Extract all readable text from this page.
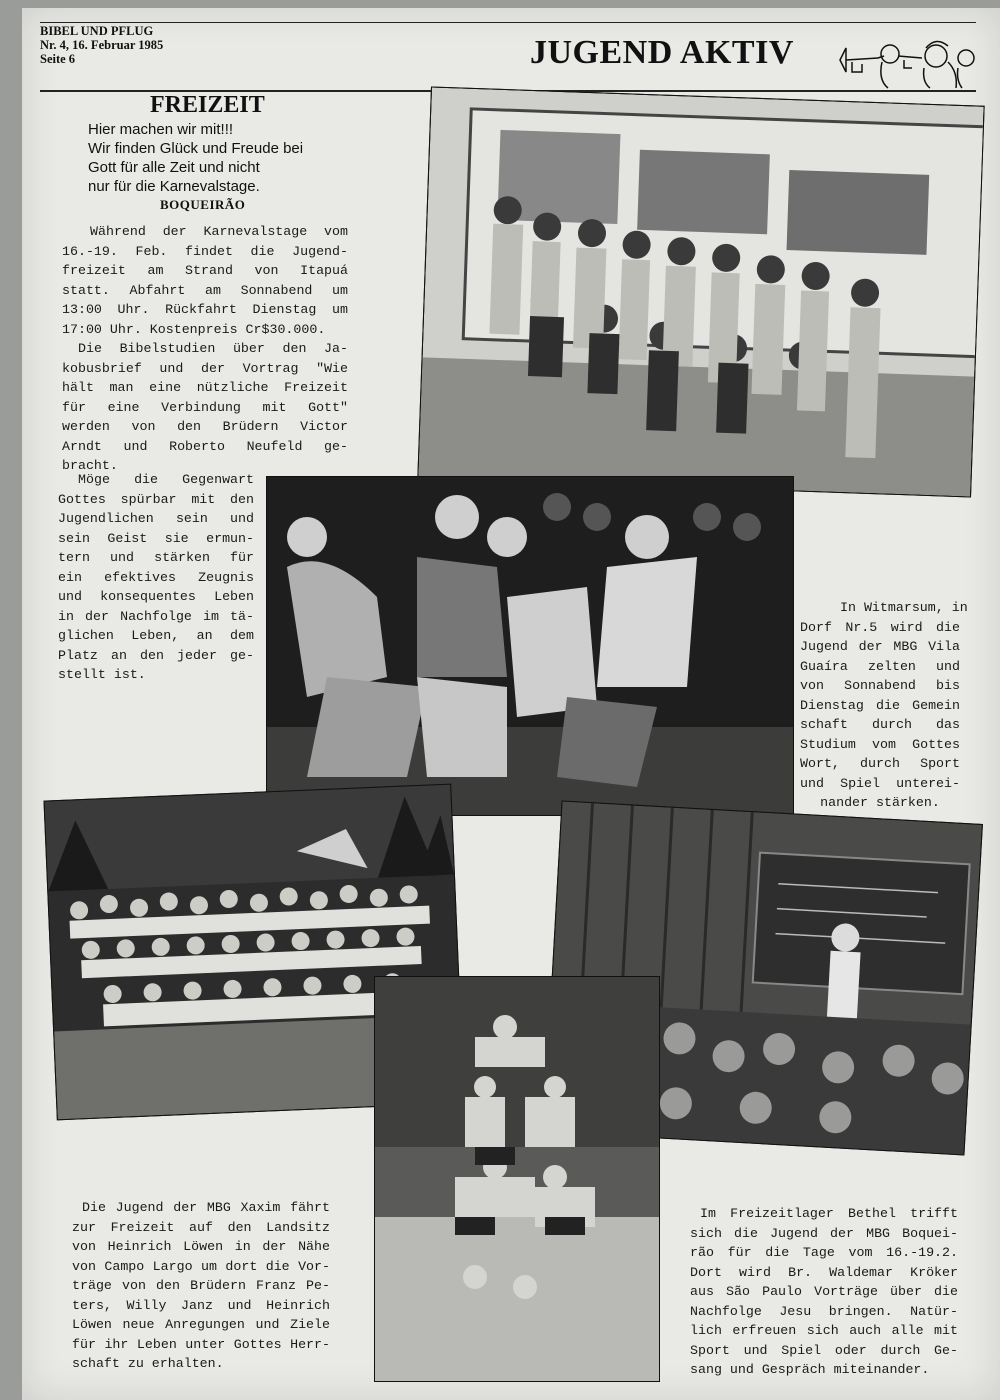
BIBEL UND PFLUG
Nr. 4, 16. Februar 1985
Seite 6	JUGEND AKTIV
FREIZEIT
Hier machen wir mit!!!
Wir finden Glück und Freude bei
Gott für alle Zeit und nicht
nur für die Karnevalstage.
BOQUEIRÃO
Während der Karnevalstage vom
16.-19. Feb. findet die Jugend-
freizeit am Strand von Itapuá
statt. Abfahrt am Sonnabend um
13:00 Uhr. Rückfahrt Dienstag um
17:00 Uhr. Kostenpreis Cr$30.000.
Die Bibelstudien über den Ja-
kobusbrief und der Vortrag "Wie
hält man eine nützliche Freizeit
für eine Verbindung mit Gott"
werden von den Brüdern Victor
Arndt und Roberto Neufeld ge-
bracht.
Möge die Gegenwart
Gottes spürbar mit den
Jugendlichen sein und
sein Geist sie ermun-
tern und stärken für
ein efektives Zeugnis
und konsequentes Leben
in der Nachfolge im tä-
glichen Leben, an dem
Platz an den jeder ge-
stellt ist.
In Witmarsum, in
Dorf Nr.5 wird die
Jugend der MBG Vila
Guaíra zelten und
von Sonnabend bis
Dienstag die Gemein
schaft durch das
Studium vom Gottes
Wort, durch Sport
und Spiel unterei-
nander stärken.
Die Jugend der MBG Xaxim fährt
zur Freizeit auf den Landsitz
von Heinrich Löwen in der Nähe
von Campo Largo um dort die Vor-
träge von den Brüdern Franz Pe-
ters, Willy Janz und Heinrich
Löwen neue Anregungen und Ziele
für ihr Leben unter Gottes Herr-
schaft zu erhalten.
Im Freizeitlager Bethel trifft
sich die Jugend der MBG Boquei-
rão für die Tage vom 16.-19.2.
Dort wird Br. Waldemar Kröker
aus São Paulo Vorträge über die
Nachfolge Jesu bringen. Natür-
lich erfreuen sich auch alle mit
Sport und Spiel oder durch Ge-
sang und Gespräch miteinander.
